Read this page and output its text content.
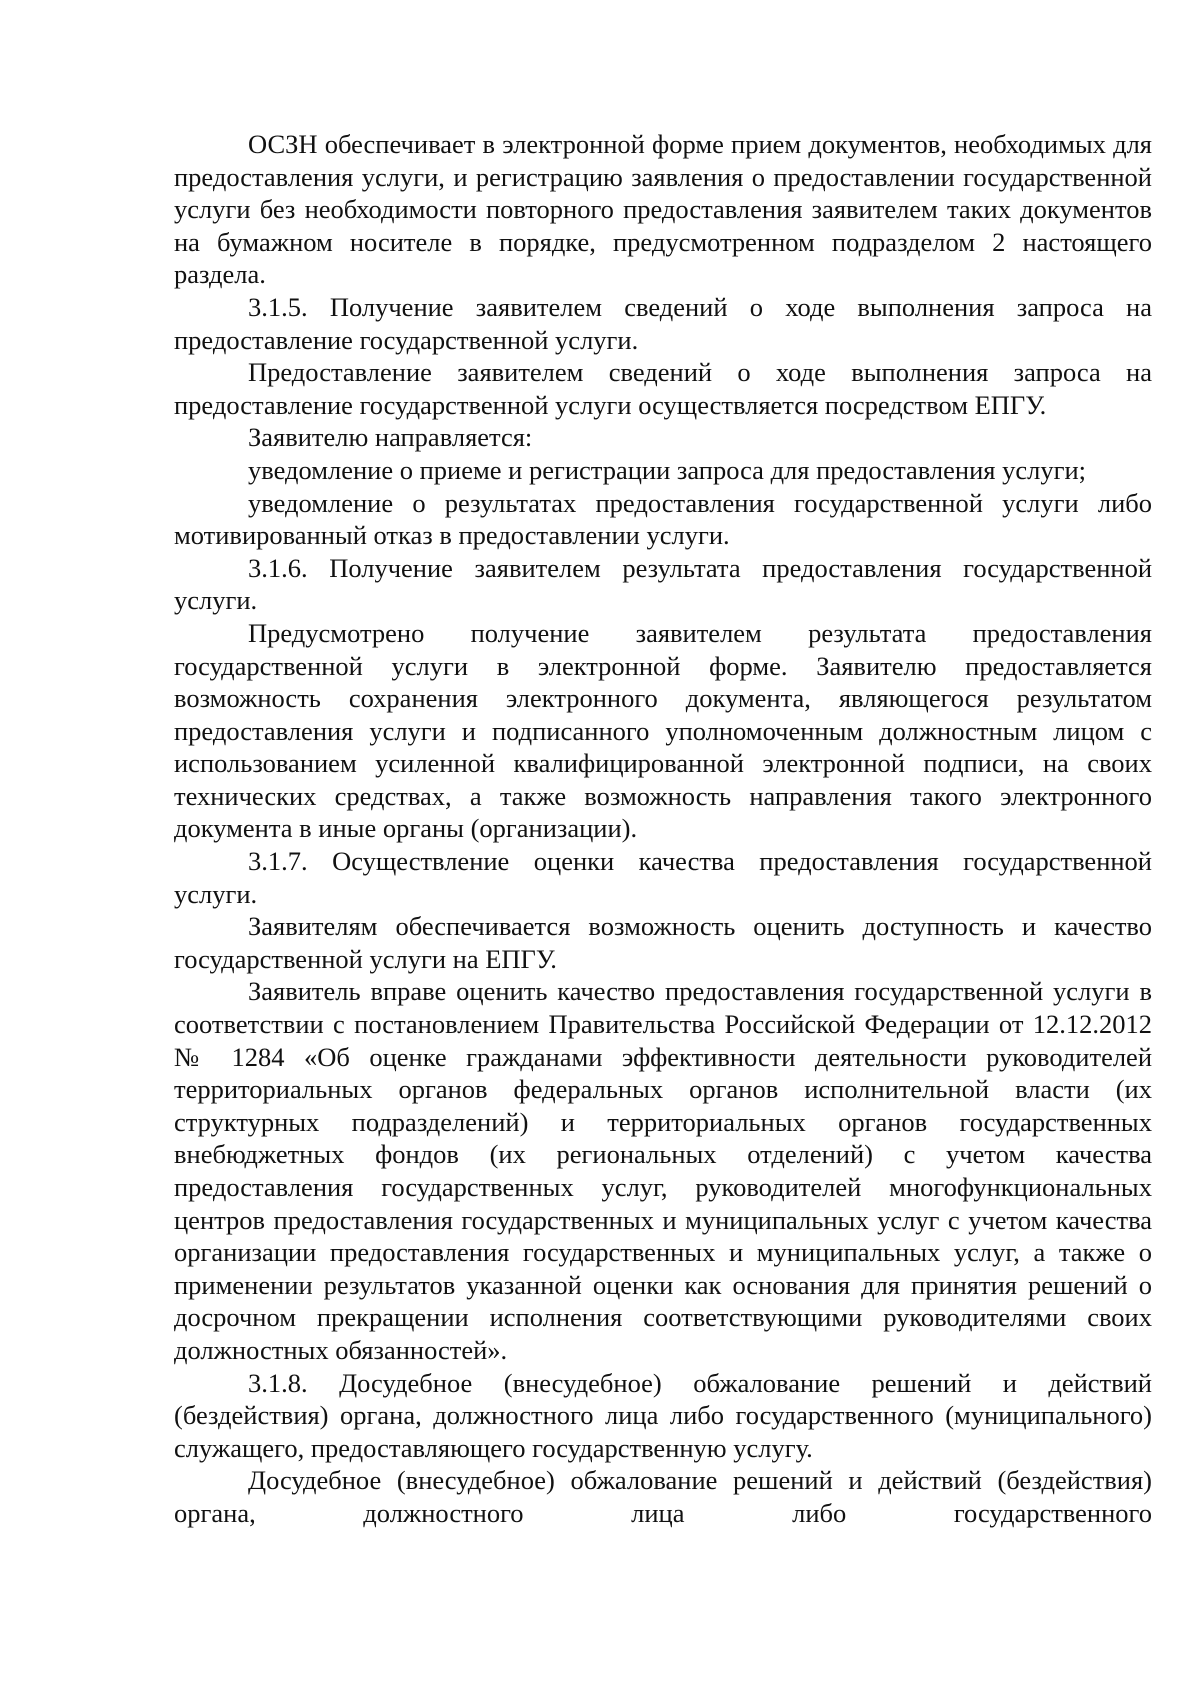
ОСЗН обеспечивает в электронной форме прием документов, необходимых для предоставления услуги, и регистрацию заявления о предоставлении государственной услуги без необходимости повторного предоставления заявителем таких документов на бумажном носителе в порядке, предусмотренном подразделом 2 настоящего раздела.

3.1.5. Получение заявителем сведений о ходе выполнения запроса на предоставление государственной услуги.

Предоставление заявителем сведений о ходе выполнения запроса на предоставление государственной услуги осуществляется посредством ЕПГУ.

Заявителю направляется:

уведомление о приеме и регистрации запроса для предоставления услуги;

уведомление о результатах предоставления государственной услуги либо мотивированный отказ в предоставлении услуги.

3.1.6. Получение заявителем результата предоставления государственной услуги.

Предусмотрено получение заявителем результата предоставления государственной услуги в электронной форме. Заявителю предоставляется возможность сохранения электронного документа, являющегося результатом предоставления услуги и подписанного уполномоченным должностным лицом с использованием усиленной квалифицированной электронной подписи, на своих технических средствах, а также возможность направления такого электронного документа в иные органы (организации).

3.1.7. Осуществление оценки качества предоставления государственной услуги.

Заявителям обеспечивается возможность оценить доступность и качество государственной услуги на ЕПГУ.

Заявитель вправе оценить качество предоставления государственной услуги в соответствии с постановлением Правительства Российской Федерации от 12.12.2012 № 1284 «Об оценке гражданами эффективности деятельности руководителей территориальных органов федеральных органов исполнительной власти (их структурных подразделений) и территориальных органов государственных внебюджетных фондов (их региональных отделений) с учетом качества предоставления государственных услуг, руководителей многофункциональных центров предоставления государственных и муниципальных услуг с учетом качества организации предоставления государственных и муниципальных услуг, а также о применении результатов указанной оценки как основания для принятия решений о досрочном прекращении исполнения соответствующими руководителями своих должностных обязанностей».

3.1.8. Досудебное (внесудебное) обжалование решений и действий (бездействия) органа, должностного лица либо государственного (муниципального) служащего, предоставляющего государственную услугу.

Досудебное (внесудебное) обжалование решений и действий (бездействия) органа, должностного лица либо государственного
